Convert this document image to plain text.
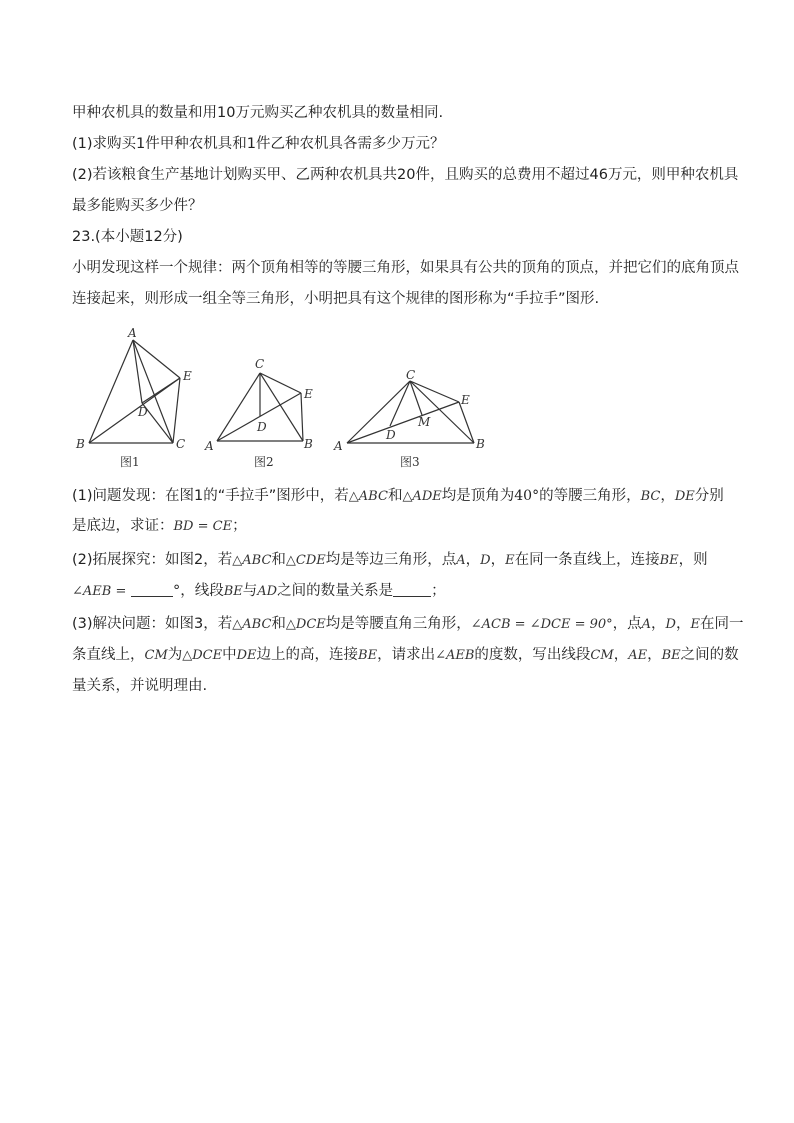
甲种农机具的数量和用10万元购买乙种农机具的数量相同.
(1)求购买1件甲种农机具和1件乙种农机具各需多少万元？
(2)若该粮食生产基地计划购买甲、乙两种农机具共20件，且购买的总费用不超过46万元，则甲种农机具
最多能购买多少件？
23.(本小题12分)
小明发现这样一个规律：两个顶角相等的等腰三角形，如果具有公共的顶角的顶点，并把它们的底角顶点
连接起来，则形成一组全等三角形，小明把具有这个规律的图形称为“手拉手”图形.
A
B	C
D
E
图1
C
A	B
D
E
图2
C
A	B
D
E
M
图3
(1)问题发现：在图1的“手拉手”图形中，若△ABC和△ADE均是顶角为40°的等腰三角形，BC，DE分别
是底边，求证：BD = CE；
(2)拓展探究：如图2，若△ABC和△CDE均是等边三角形，点A，D，E在同一条直线上，连接BE，则
∠AEB =	°，线段BE与AD之间的数量关系是	；
(3)解决问题：如图3，若△ABC和△DCE均是等腰直角三角形，∠ACB = ∠DCE = 90°，点A，D，E在同一
条直线上，CM为△DCE中DE边上的高，连接BE，请求出∠AEB的度数，写出线段CM，AE，BE之间的数
量关系，并说明理由.
